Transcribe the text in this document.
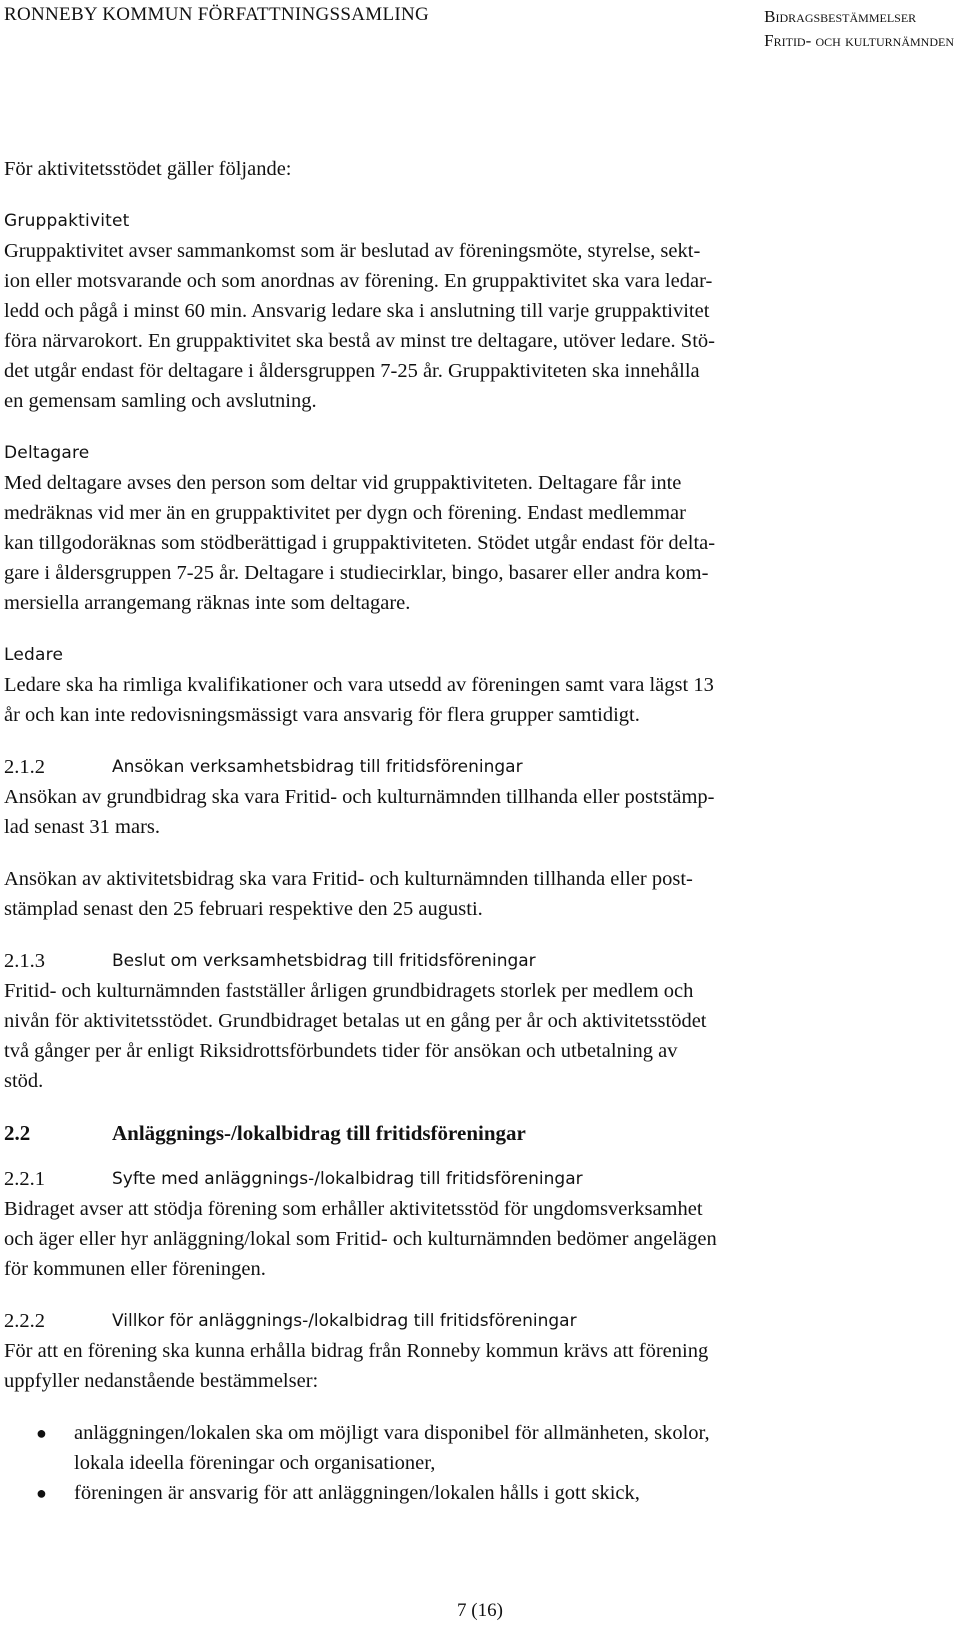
RONNEBY KOMMUN FÖRFATTNINGSSAMLING	Bidragsbestämmelser
Fritid- och kulturnämnden

För aktivitetsstödet gäller följande:

Gruppaktivitet

Gruppaktivitet avser sammankomst som är beslutad av föreningsmöte, styrelse, sekt-

ion eller motsvarande och som anordnas av förening. En gruppaktivitet ska vara ledar-

ledd och pågå i minst 60 min. Ansvarig ledare ska i anslutning till varje gruppaktivitet

föra närvarokort. En gruppaktivitet ska bestå av minst tre deltagare, utöver ledare. Stö-

det utgår endast för deltagare i åldersgruppen 7-25 år. Gruppaktiviteten ska innehålla

en gemensam samling och avslutning.

Deltagare

Med deltagare avses den person som deltar vid gruppaktiviteten. Deltagare får inte

medräknas vid mer än en gruppaktivitet per dygn och förening. Endast medlemmar

kan tillgodoräknas som stödberättigad i gruppaktiviteten. Stödet utgår endast för delta-

gare i åldersgruppen 7-25 år. Deltagare i studiecirklar, bingo, basarer eller andra kom-

mersiella arrangemang räknas inte som deltagare.

Ledare

Ledare ska ha rimliga kvalifikationer och vara utsedd av föreningen samt vara lägst 13

år och kan inte redovisningsmässigt vara ansvarig för flera grupper samtidigt.

2.1.2	Ansökan verksamhetsbidrag till fritidsföreningar

Ansökan av grundbidrag ska vara Fritid- och kulturnämnden tillhanda eller poststämp-

lad senast 31 mars.

Ansökan av aktivitetsbidrag ska vara Fritid- och kulturnämnden tillhanda eller post-

stämplad senast den 25 februari respektive den 25 augusti.

2.1.3	Beslut om verksamhetsbidrag till fritidsföreningar

Fritid- och kulturnämnden fastställer årligen grundbidragets storlek per medlem och

nivån för aktivitetsstödet. Grundbidraget betalas ut en gång per år och aktivitetsstödet

två gånger per år enligt Riksidrottsförbundets tider för ansökan och utbetalning av

stöd.

2.2	Anläggnings-/lokalbidrag till fritidsföreningar
2.2.1	Syfte med anläggnings-/lokalbidrag till fritidsföreningar

Bidraget avser att stödja förening som erhåller aktivitetsstöd för ungdomsverksamhet

och äger eller hyr anläggning/lokal som Fritid- och kulturnämnden bedömer angelägen

för kommunen eller föreningen.

2.2.2	Villkor för anläggnings-/lokalbidrag till fritidsföreningar

För att en förening ska kunna erhålla bidrag från Ronneby kommun krävs att förening

uppfyller nedanstående bestämmelser:

●	anläggningen/lokalen ska om möjligt vara disponibel för allmänheten, skolor,
lokala ideella föreningar och organisationer,
●	föreningen är ansvarig för att anläggningen/lokalen hålls i gott skick,
7 (16)
